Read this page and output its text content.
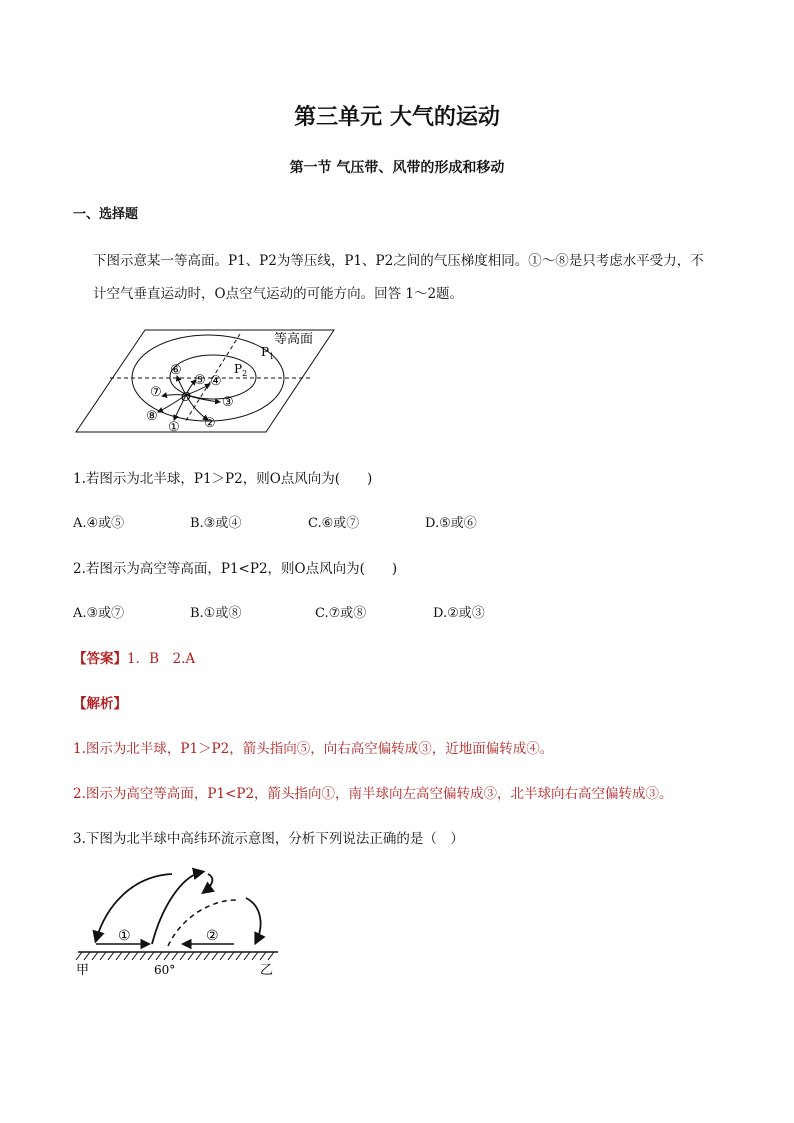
第三单元 大气的运动
第一节 气压带、风带的形成和移动
一、选择题
下图示意某一等高面。P1、P2为等压线，P1、P2之间的气压梯度相同。①～⑧是只考虑水平受力，不
计空气垂直运动时，O点空气运动的可能方向。回答 1～2题。
等高面
$P_1$
$P_2$
O
① ②
③
④
⑤
⑥
⑦
⑧
1.若图示为北半球，P1＞P2，则O点风向为(　　)
A.④或⑤	B.③或④	C.⑥或⑦	D.⑤或⑥
2.若图示为高空等高面，P1<P2，则O点风向为(　　)
A.③或⑦	B.①或⑧	C.⑦或⑧	D.②或③
【答案】1．B　2.A
【解析】
1.图示为北半球，P1＞P2，箭头指向⑤，向右高空偏转成③，近地面偏转成④。
2.图示为高空等高面，P1<P2，箭头指向①，南半球向左高空偏转成③，北半球向右高空偏转成③。
3.下图为北半球中高纬环流示意图，分析下列说法正确的是（　）
①	②
甲	60°	乙
